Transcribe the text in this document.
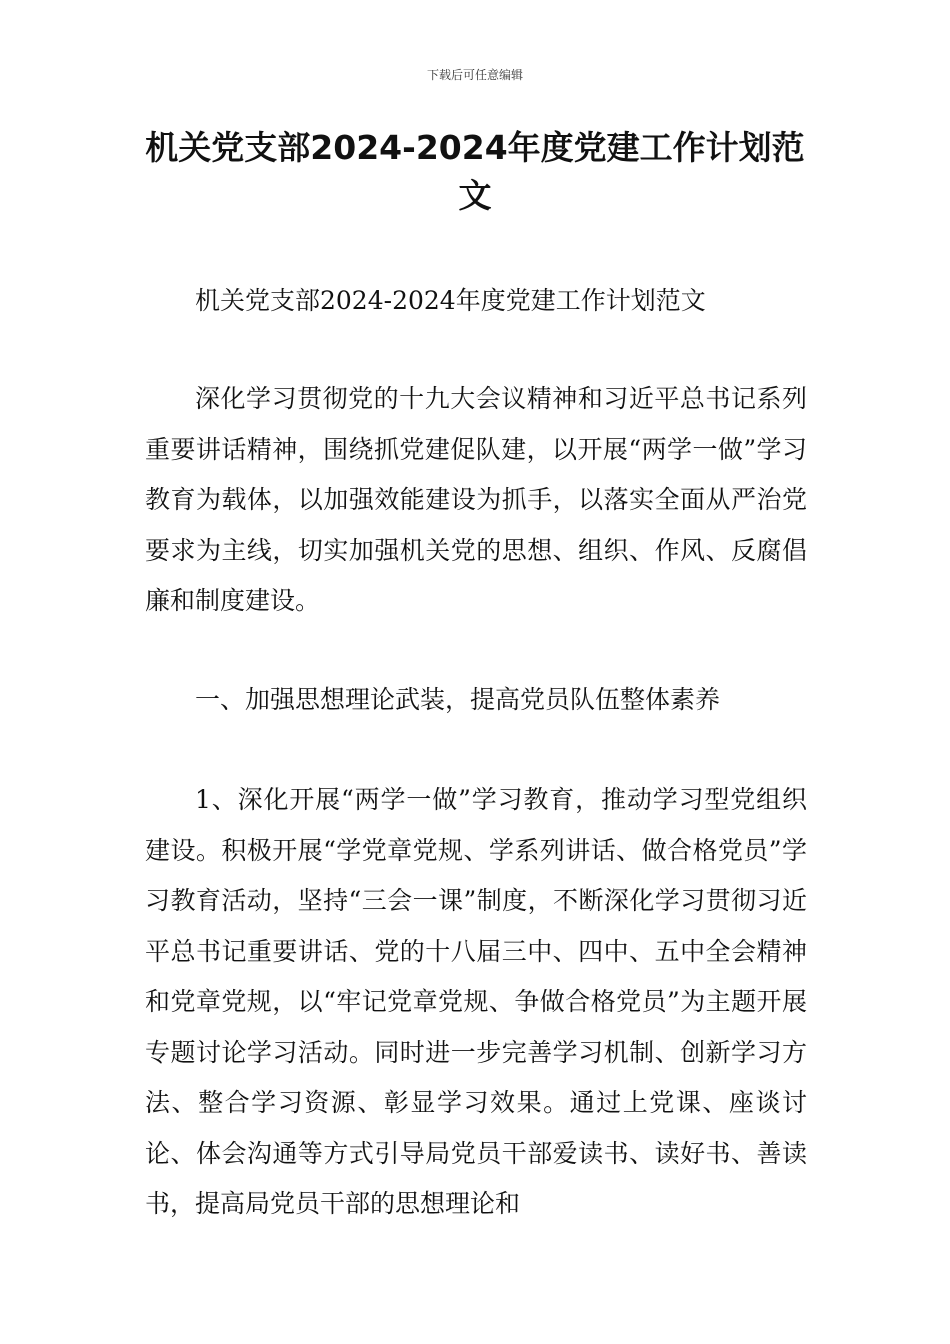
下载后可任意编辑
机关党支部2024-2024年度党建工作计划范文

机关党支部2024-2024年度党建工作计划范文

深化学习贯彻党的十九大会议精神和习近平总书记系列重要讲话精神，围绕抓党建促队建，以开展“两学一做”学习教育为载体，以加强效能建设为抓手，以落实全面从严治党要求为主线，切实加强机关党的思想、组织、作风、反腐倡廉和制度建设。

一、加强思想理论武装，提高党员队伍整体素养

1、深化开展“两学一做”学习教育，推动学习型党组织建设。积极开展“学党章党规、学系列讲话、做合格党员”学习教育活动，坚持“三会一课”制度，不断深化学习贯彻习近平总书记重要讲话、党的十八届三中、四中、五中全会精神和党章党规，以“牢记党章党规、争做合格党员”为主题开展专题讨论学习活动。同时进一步完善学习机制、创新学习方法、整合学习资源、彰显学习效果。通过上党课、座谈讨论、体会沟通等方式引导局党员干部爱读书、读好书、善读书，提高局党员干部的思想理论和
